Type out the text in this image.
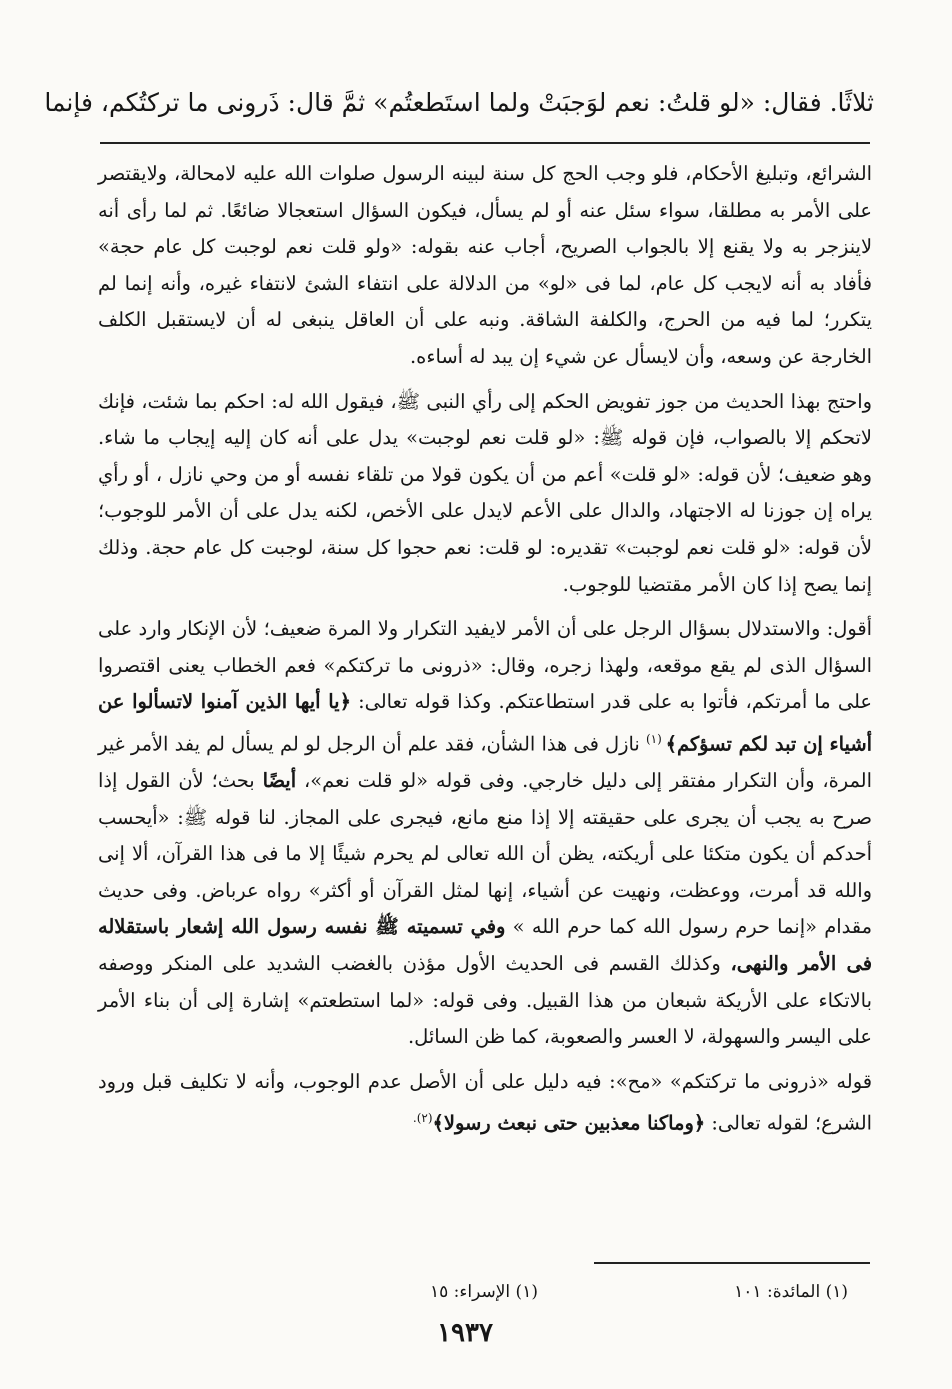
ثلاثًا. فقال: «لو قلتُ: نعم لوَجبَتْ ولما استَطعتُم» ثمَّ قال: ذَرونى ما تركتُكم، فإنما

الشرائع، وتبليغ الأحكام، فلو وجب الحج كل سنة لبينه الرسول صلوات الله عليه لامحالة، ولايقتصر على الأمر به مطلقا، سواء سئل عنه أو لم يسأل، فيكون السؤال استعجالا ضائعًا. ثم لما رأى أنه لاينزجر به ولا يقنع إلا بالجواب الصريح، أجاب عنه بقوله: «ولو قلت نعم لوجبت كل عام حجة» فأفاد به أنه لايجب كل عام، لما فى «لو» من الدلالة على انتفاء الشئ لانتفاء غيره، وأنه إنما لم يتكرر؛ لما فيه من الحرج، والكلفة الشاقة. ونبه على أن العاقل ينبغى له أن لايستقبل الكلف الخارجة عن وسعه، وأن لايسأل عن شيء إن يبد له أساءه.

واحتج بهذا الحديث من جوز تفويض الحكم إلى رأي النبى ﷺ، فيقول الله له: احكم بما شئت، فإنك لاتحكم إلا بالصواب، فإن قوله ﷺ: «لو قلت نعم لوجبت» يدل على أنه كان إليه إيجاب ما شاء. وهو ضعيف؛ لأن قوله: «لو قلت» أعم من أن يكون قولا من تلقاء نفسه أو من وحي نازل ، أو رأي يراه إن جوزنا له الاجتهاد، والدال على الأعم لايدل على الأخص، لكنه يدل على أن الأمر للوجوب؛ لأن قوله: «لو قلت نعم لوجبت» تقديره: لو قلت: نعم حجوا كل سنة، لوجبت كل عام حجة. وذلك إنما يصح إذا كان الأمر مقتضيا للوجوب.

أقول: والاستدلال بسؤال الرجل على أن الأمر لايفيد التكرار ولا المرة ضعيف؛ لأن الإنكار وارد على السؤال الذى لم يقع موقعه، ولهذا زجره، وقال: «ذرونى ما تركتكم» فعم الخطاب يعنى اقتصروا على ما أمرتكم، فأتوا به على قدر استطاعتكم. وكذا قوله تعالى: ﴿يا أيها الذين آمنوا لاتسألوا عن أشياء إن تبد لكم تسؤكم﴾ $^{(١)}$ نازل فى هذا الشأن، فقد علم أن الرجل لو لم يسأل لم يفد الأمر غير المرة، وأن التكرار مفتقر إلى دليل خارجي. وفى قوله «لو قلت نعم»، أيضًا بحث؛ لأن القول إذا صرح به يجب أن يجرى على حقيقته إلا إذا منع مانع، فيجرى على المجاز. لنا قوله ﷺ: «أيحسب أحدكم أن يكون متكئا على أريكته، يظن أن الله تعالى لم يحرم شيئًا إلا ما فى هذا القرآن، ألا إنى والله قد أمرت، ووعظت، ونهيت عن أشياء، إنها لمثل القرآن أو أكثر» رواه عرباض. وفى حديث مقدام «إنما حرم رسول الله كما حرم الله » وفي تسميته ﷺ نفسه رسول الله إشعار باستقلاله فى الأمر والنهى، وكذلك القسم فى الحديث الأول مؤذن بالغضب الشديد على المنكر ووصفه بالاتكاء على الأريكة شبعان من هذا القبيل. وفى قوله: «لما استطعتم» إشارة إلى أن بناء الأمر على اليسر والسهولة، لا العسر والصعوبة، كما ظن السائل.

قوله «ذرونى ما تركتكم» «مح»: فيه دليل على أن الأصل عدم الوجوب، وأنه لا تكليف قبل ورود الشرع؛ لقوله تعالى: ﴿وماكنا معذبين حتى نبعث رسولا﴾$^{(٢).}$

(١) المائدة: ١٠١
(١) الإسراء: ١٥
١٩٣٧
